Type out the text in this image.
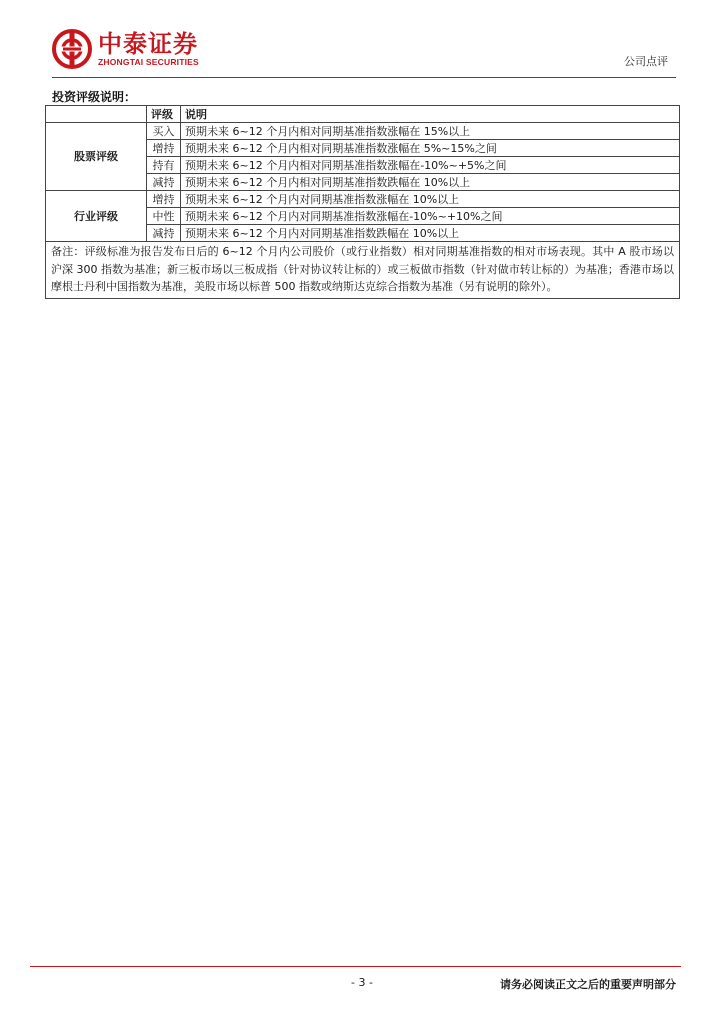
中泰证券
ZHONGTAI SECURITIES	公司点评
投资评级说明：
	评级	说明
股票评级	买入	预期未来 6~12 个月内相对同期基准指数涨幅在 15%以上
	增持	预期未来 6~12 个月内相对同期基准指数涨幅在 5%~15%之间
	持有	预期未来 6~12 个月内相对同期基准指数涨幅在-10%~+5%之间
	减持	预期未来 6~12 个月内相对同期基准指数跌幅在 10%以上
行业评级	增持	预期未来 6~12 个月内对同期基准指数涨幅在 10%以上
	中性	预期未来 6~12 个月内对同期基准指数涨幅在-10%~+10%之间
	减持	预期未来 6~12 个月内对同期基准指数跌幅在 10%以上
备注：评级标准为报告发布日后的 6~12 个月内公司股价（或行业指数）相对同期基准指数的相对市场表现。其中 A 股市场以沪深 300 指数为基准；新三板市场以三板成指（针对协议转让标的）或三板做市指数（针对做市转让标的）为基准；香港市场以摩根士丹利中国指数为基准，美股市场以标普 500 指数或纳斯达克综合指数为基准（另有说明的除外）。		
- 3 -	请务必阅读正文之后的重要声明部分
